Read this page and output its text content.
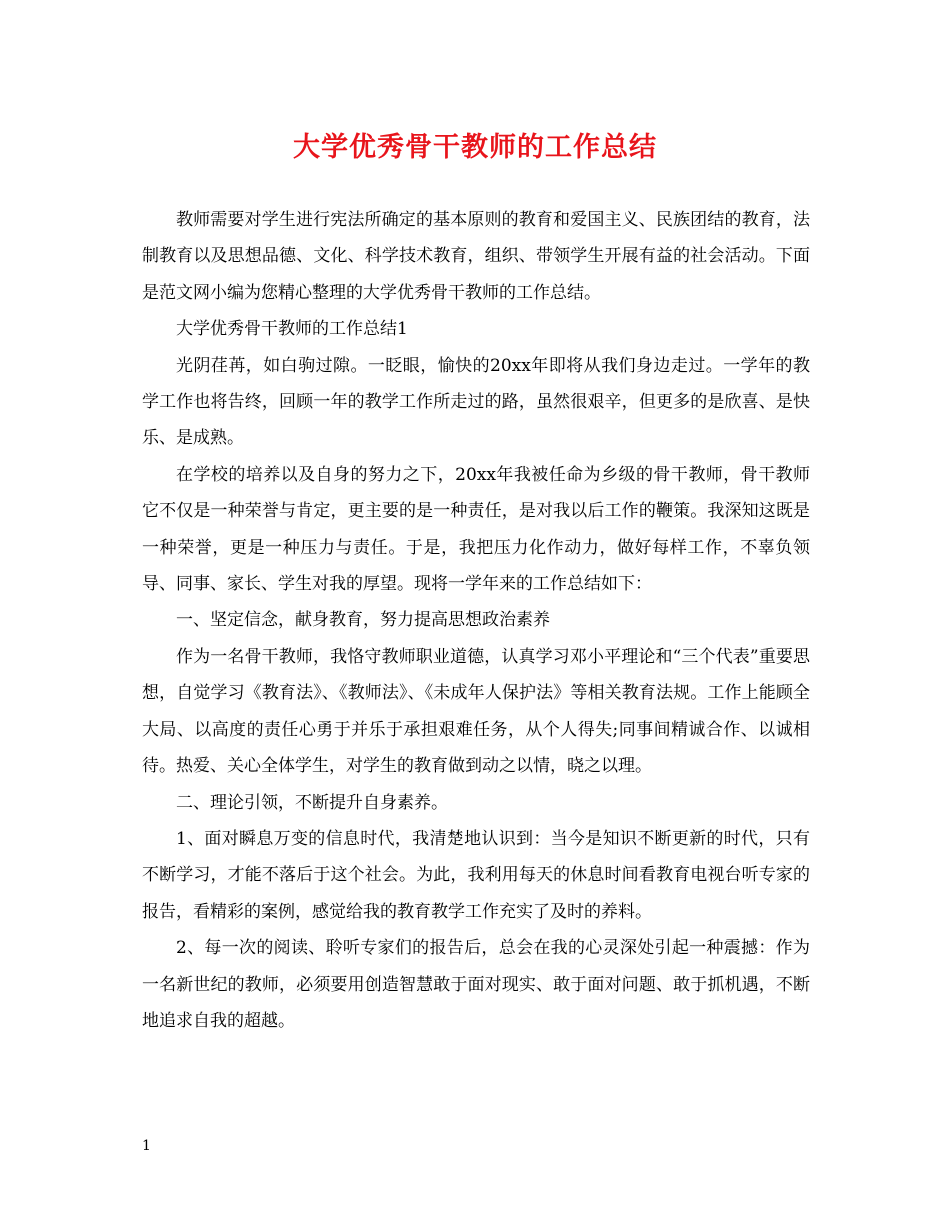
大学优秀骨干教师的工作总结

教师需要对学生进行宪法所确定的基本原则的教育和爱国主义、民族团结的教育，法制教育以及思想品德、文化、科学技术教育，组织、带领学生开展有益的社会活动。下面是范文网小编为您精心整理的大学优秀骨干教师的工作总结。

大学优秀骨干教师的工作总结1

光阴荏苒，如白驹过隙。一眨眼，愉快的20xx年即将从我们身边走过。一学年的教学工作也将告终，回顾一年的教学工作所走过的路，虽然很艰辛，但更多的是欣喜、是快乐、是成熟。

在学校的培养以及自身的努力之下，20xx年我被任命为乡级的骨干教师，骨干教师它不仅是一种荣誉与肯定，更主要的是一种责任，是对我以后工作的鞭策。我深知这既是一种荣誉，更是一种压力与责任。于是，我把压力化作动力，做好每样工作，不辜负领导、同事、家长、学生对我的厚望。现将一学年来的工作总结如下：

一、坚定信念，献身教育，努力提高思想政治素养

作为一名骨干教师，我恪守教师职业道德，认真学习邓小平理论和“三个代表”重要思想，自觉学习《教育法》、《教师法》、《未成年人保护法》等相关教育法规。工作上能顾全大局、以高度的责任心勇于并乐于承担艰难任务，从个人得失;同事间精诚合作、以诚相待。热爱、关心全体学生，对学生的教育做到动之以情，晓之以理。

二、理论引领，不断提升自身素养。

1、面对瞬息万变的信息时代，我清楚地认识到：当今是知识不断更新的时代，只有不断学习，才能不落后于这个社会。为此，我利用每天的休息时间看教育电视台听专家的报告，看精彩的案例，感觉给我的教育教学工作充实了及时的养料。

2、每一次的阅读、聆听专家们的报告后，总会在我的心灵深处引起一种震撼：作为一名新世纪的教师，必须要用创造智慧敢于面对现实、敢于面对问题、敢于抓机遇，不断地追求自我的超越。

1
